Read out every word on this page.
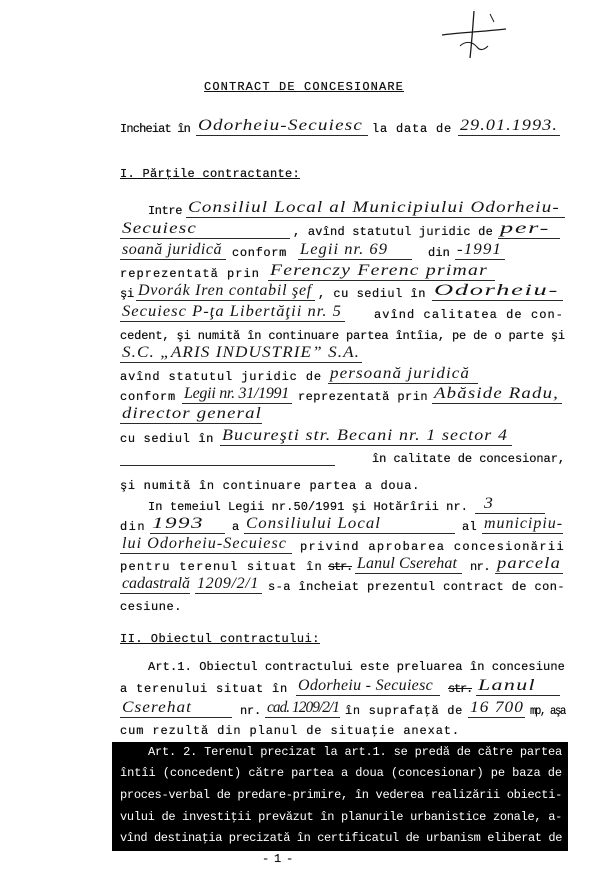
CONTRACT DE CONCESIONARE
Incheiat în Odorheiu-Secuiesc la data de 29.01.1993.
I. Părţile contractante:
Intre Consiliul Local al Municipiului Odorheiu-
Secuiesc	, avînd statutul juridic de per-
soană juridică conform Legii nr. 69	din -1991
reprezentată prin Ferenczy Ferenc primar
şi Dvorák Iren contabil şef , cu sediul în Odorheiu-
Secuiesc P-ţa Libertăţii nr. 5	avînd calitatea de con-
cedent, şi numită în continuare partea întîia, pe de o parte şi
S.C. „ARIS INDUSTRIE” S.A.
avînd statutul juridic de persoană juridică
conform Legii nr. 31/1991 reprezentată prin Abăside Radu,
director general
cu sediul în Bucureşti str. Becani nr. 1 sector 4
în calitate de concesionar,
şi numită în continuare partea a doua.
In temeiul Legii nr.50/1991 şi Hotărîrii nr. 3
din 1993 a Consiliului Local	al municipiu-
lui Odorheiu-Secuiesc privind aprobarea concesionării
pentru terenul situat în str. Lanul Cserehat nr. parcela
cadastrală 1209/2/1 s-a încheiat prezentul contract de con-
cesiune.
II. Obiectul contractului:
Art.1. Obiectul contractului este preluarea în concesiune
a terenului situat în Odorheiu - Secuiesc str. Lanul
Cserehat	nr. cad. 1209/2/1 în suprafaţă de 16 700 mp, aşa
cum rezultă din planul de situaţie anexat.
Art. 2. Terenul precizat la art.1. se predă de către partea
întîi (concedent) către partea a doua (concesionar) pe baza de
proces-verbal de predare-primire, în vederea realizării obiecti-
vului de investiţii prevăzut în planurile urbanistice zonale, a-
vînd destinaţia precizată în certificatul de urbanism eliberat de
- 1 -
